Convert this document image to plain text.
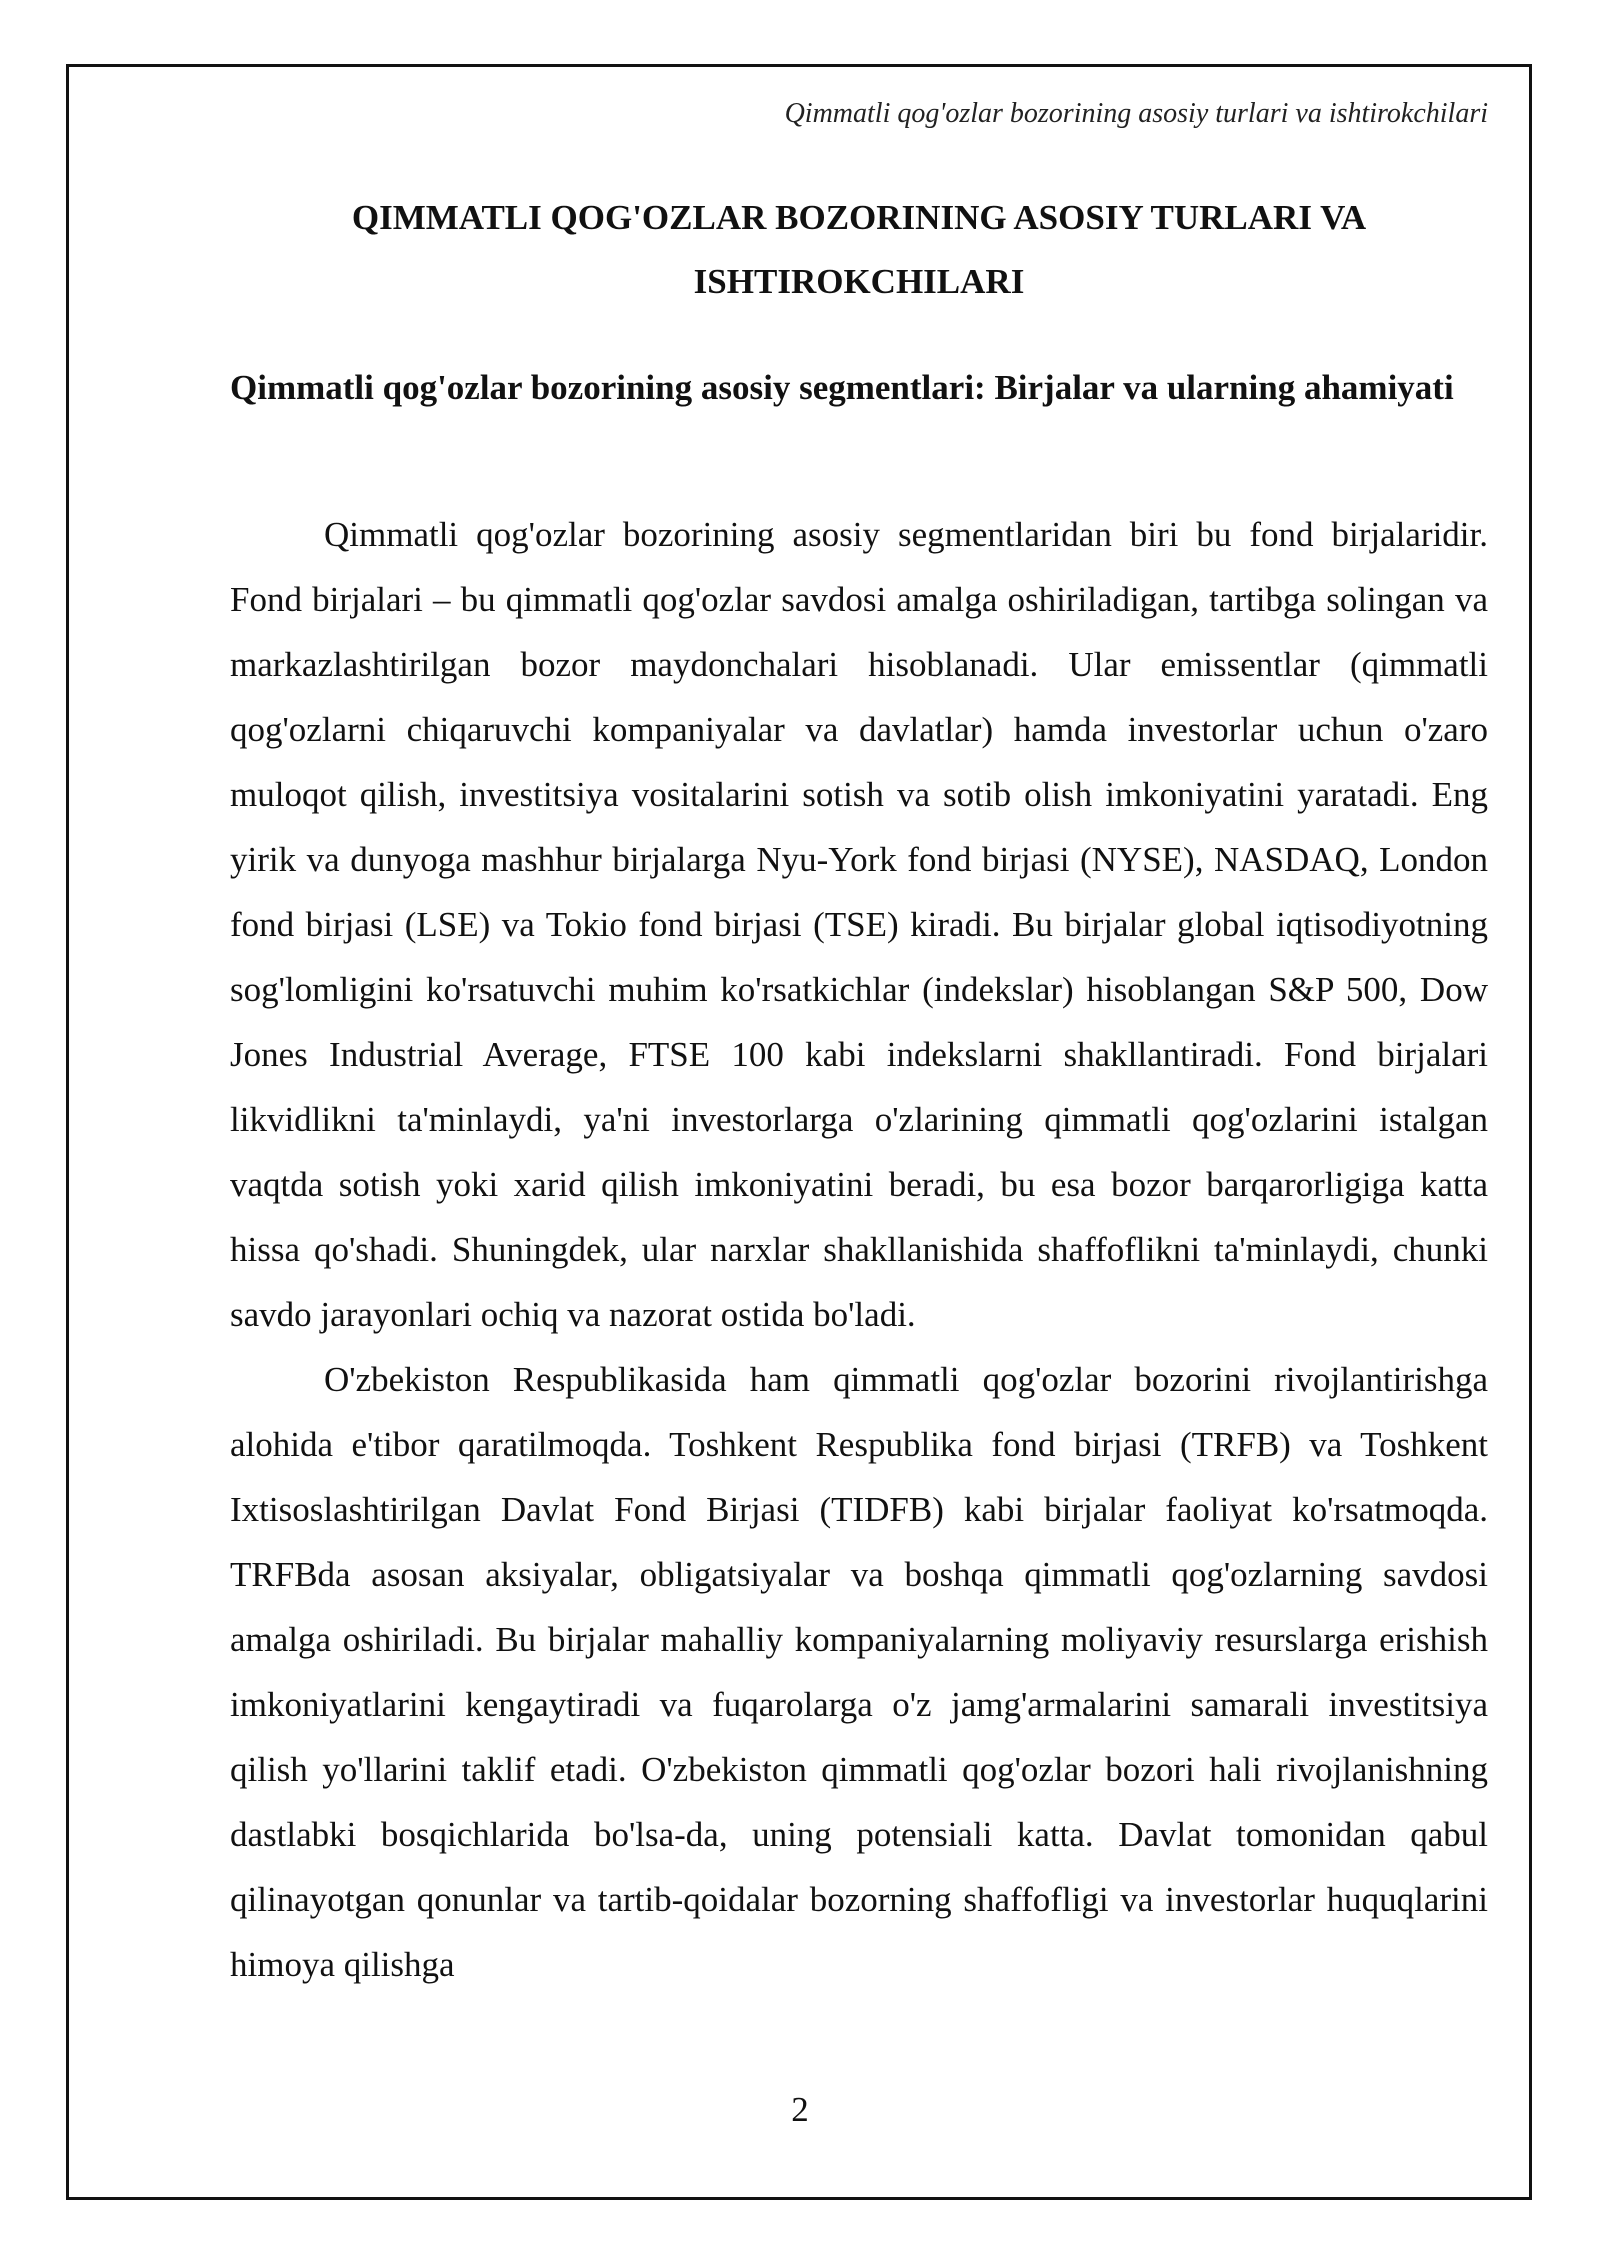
Qimmatli qog'ozlar bozorining asosiy turlari va ishtirokchilari
QIMMATLI QOG'OZLAR BOZORINING ASOSIY TURLARI VA
ISHTIROKCHILARI
Qimmatli qog'ozlar bozorining asosiy segmentlari: Birjalar va ularning ahamiyati

Qimmatli qog'ozlar bozorining asosiy segmentlaridan biri bu fond birjalaridir. Fond birjalari – bu qimmatli qog'ozlar savdosi amalga oshiriladigan, tartibga solingan va markazlashtirilgan bozor maydonchalari hisoblanadi. Ular emissentlar (qimmatli qog'ozlarni chiqaruvchi kompaniyalar va davlatlar) hamda investorlar uchun o'zaro muloqot qilish, investitsiya vositalarini sotish va sotib olish imkoniyatini yaratadi. Eng yirik va dunyoga mashhur birjalarga Nyu-York fond birjasi (NYSE), NASDAQ, London fond birjasi (LSE) va Tokio fond birjasi (TSE) kiradi. Bu birjalar global iqtisodiyotning sog'lomligini ko'rsatuvchi muhim ko'rsatkichlar (indekslar) hisoblangan S&P 500, Dow Jones Industrial Average, FTSE 100 kabi indekslarni shakllantiradi. Fond birjalari likvidlikni ta'minlaydi, ya'ni investorlarga o'zlarining qimmatli qog'ozlarini istalgan vaqtda sotish yoki xarid qilish imkoniyatini beradi, bu esa bozor barqarorligiga katta hissa qo'shadi. Shuningdek, ular narxlar shakllanishida shaffoflikni ta'minlaydi, chunki savdo jarayonlari ochiq va nazorat ostida bo'ladi.

O'zbekiston Respublikasida ham qimmatli qog'ozlar bozorini rivojlantirishga alohida e'tibor qaratilmoqda. Toshkent Respublika fond birjasi (TRFB) va Toshkent Ixtisoslashtirilgan Davlat Fond Birjasi (TIDFB) kabi birjalar faoliyat ko'rsatmoqda. TRFBda asosan aksiyalar, obligatsiyalar va boshqa qimmatli qog'ozlarning savdosi amalga oshiriladi. Bu birjalar mahalliy kompaniyalarning moliyaviy resurslarga erishish imkoniyatlarini kengaytiradi va fuqarolarga o'z jamg'armalarini samarali investitsiya qilish yo'llarini taklif etadi. O'zbekiston qimmatli qog'ozlar bozori hali rivojlanishning dastlabki bosqichlarida bo'lsa-da, uning potensiali katta. Davlat tomonidan qabul qilinayotgan qonunlar va tartib-qoidalar bozorning shaffofligi va investorlar huquqlarini himoya qilishga

2
